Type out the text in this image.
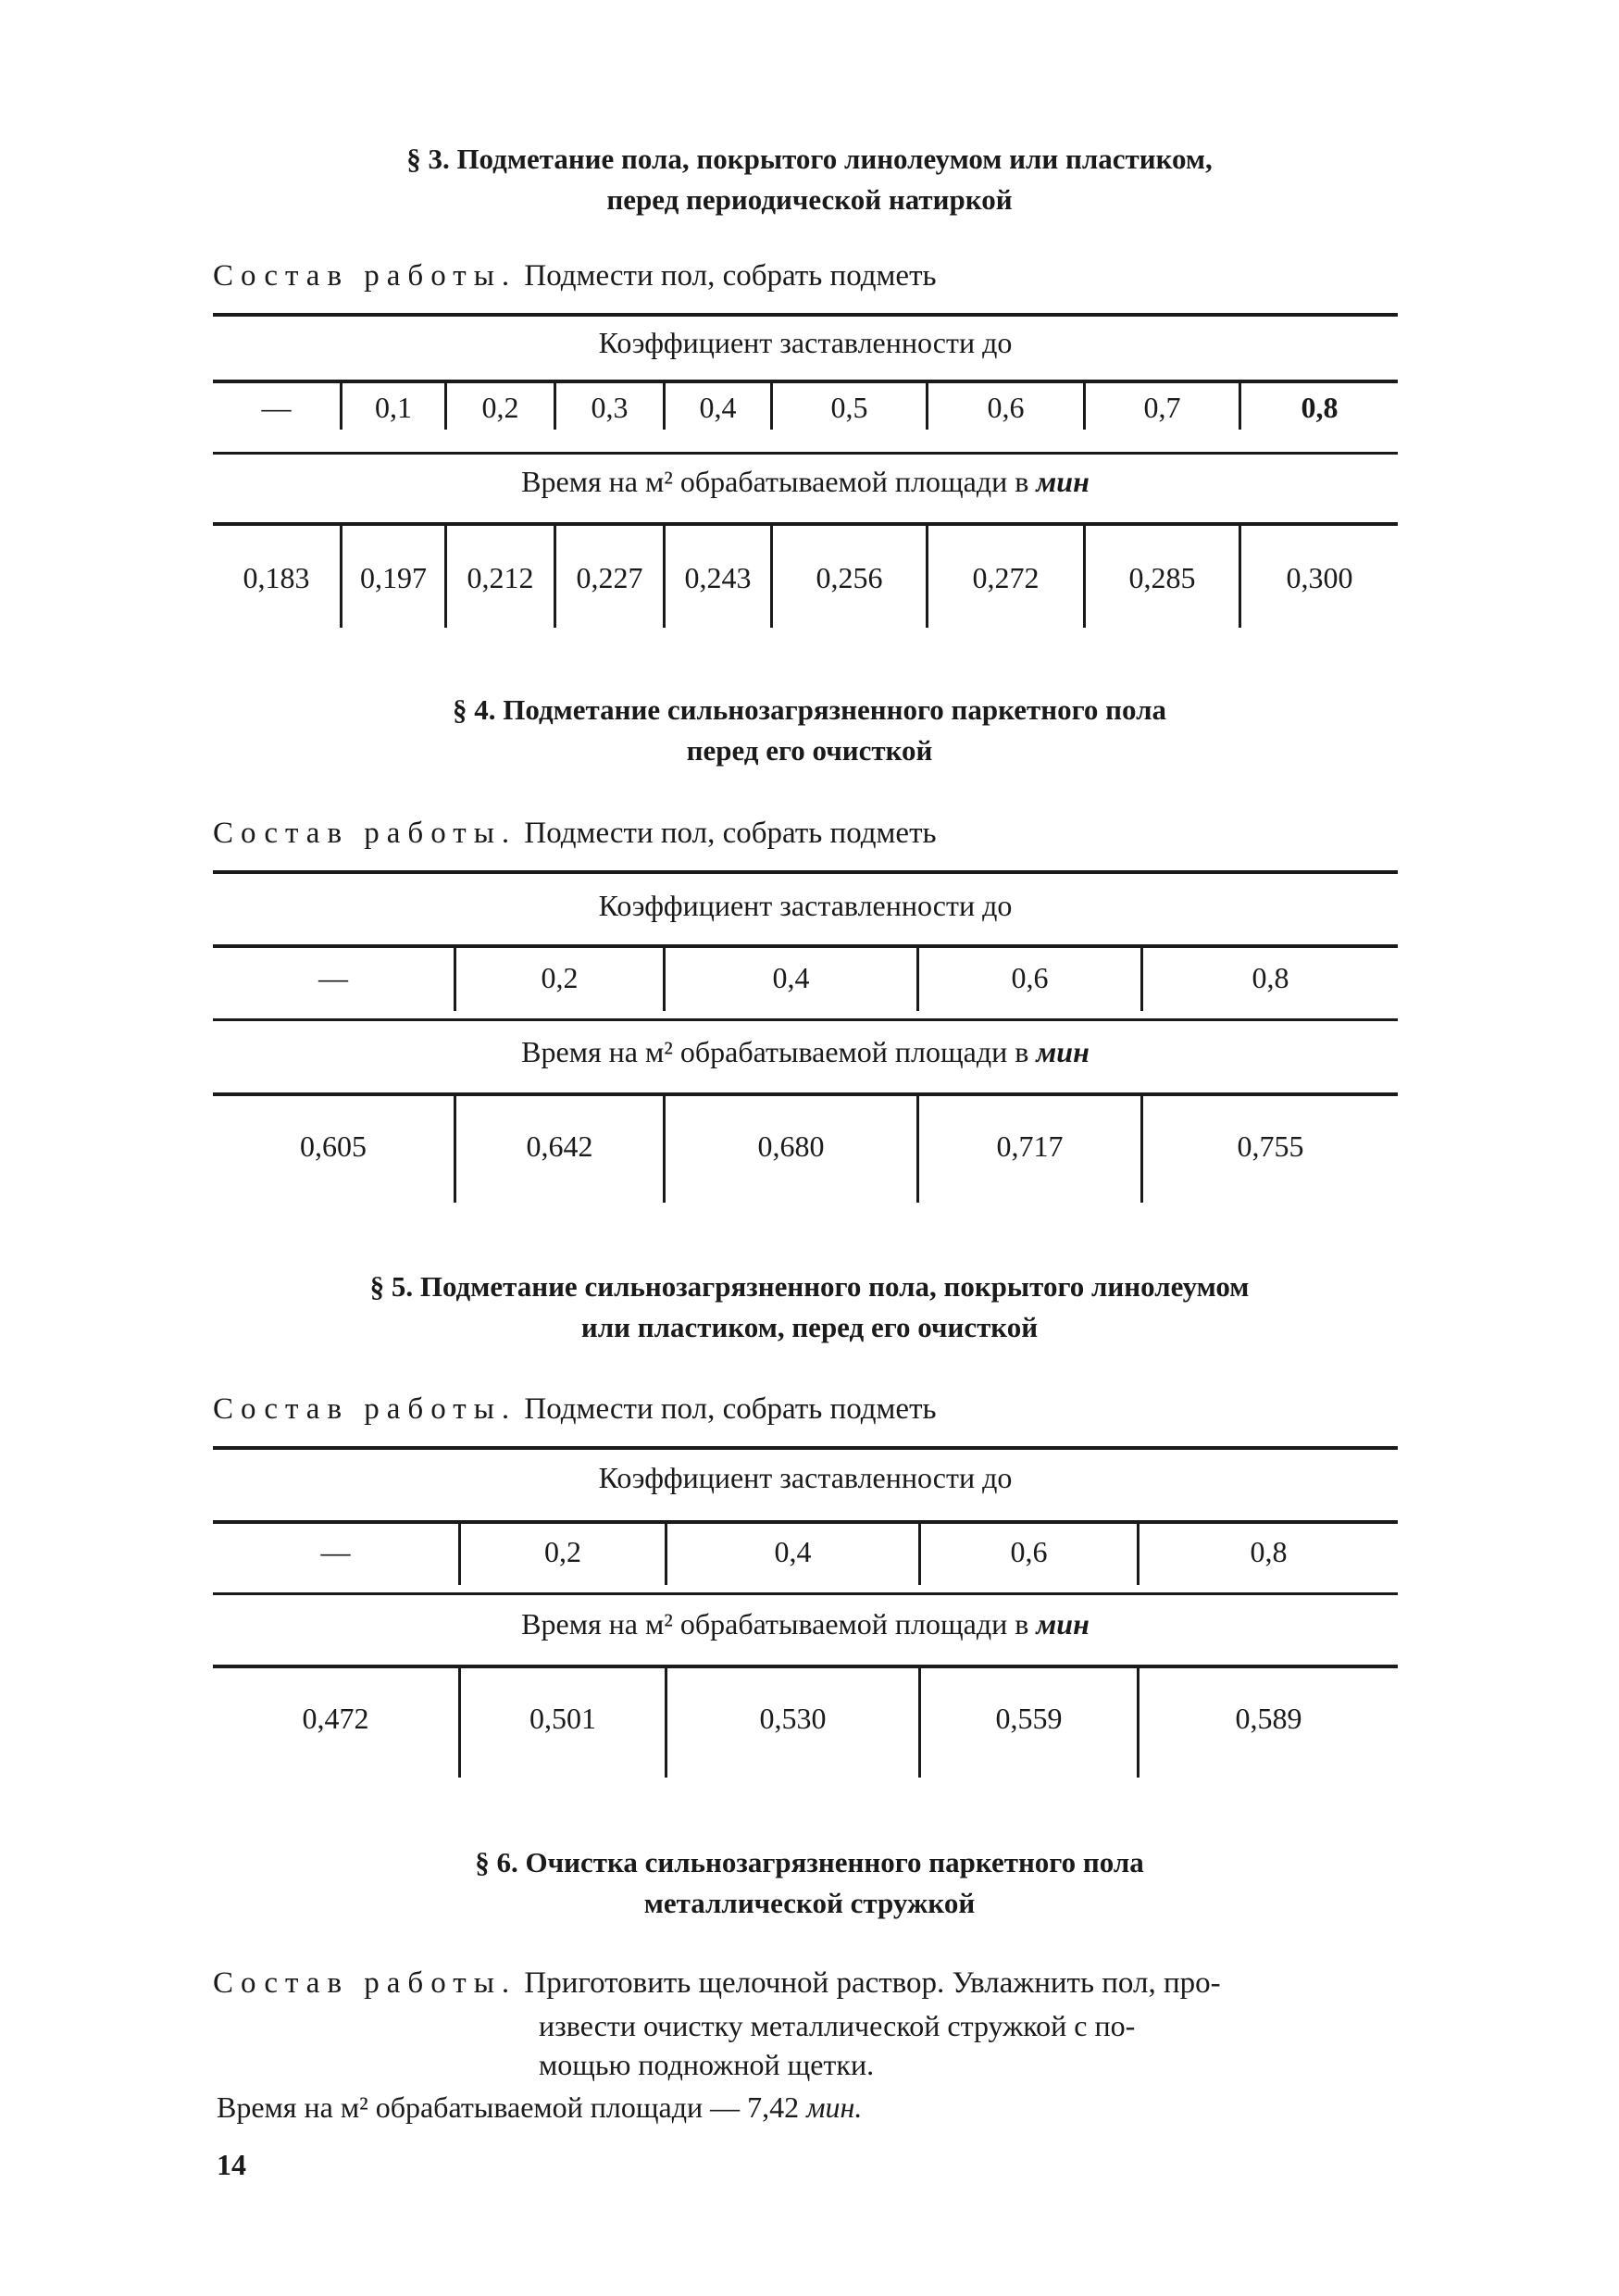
§ 3. Подметание пола, покрытого линолеумом или пластиком,
перед периодической натиркой
Состав работы. Подмести пол, собрать подметь
Коэффициент заставленности до
—	0,1	0,2	0,3	0,4	0,5	0,6	0,7	0,8
Время на м² обрабатываемой площади в мин
0,183	0,197	0,212	0,227	0,243	0,256	0,272	0,285	0,300
§ 4. Подметание сильнозагрязненного паркетного пола
перед его очисткой
Состав работы. Подмести пол, собрать подметь
Коэффициент заставленности до
—	0,2	0,4	0,6	0,8
Время на м² обрабатываемой площади в мин
0,605	0,642	0,680	0,717	0,755
§ 5. Подметание сильнозагрязненного пола, покрытого линолеумом
или пластиком, перед его очисткой
Состав работы. Подмести пол, собрать подметь
Коэффициент заставленности до
—	0,2	0,4	0,6	0,8
Время на м² обрабатываемой площади в мин
0,472	0,501	0,530	0,559	0,589
§ 6. Очистка сильнозагрязненного паркетного пола
металлической стружкой
Состав работы. Приготовить щелочной раствор. Увлажнить пол, про-
извести очистку металлической стружкой с по-
мощью подножной щетки.
Время на м² обрабатываемой площади — 7,42 мин.
14
